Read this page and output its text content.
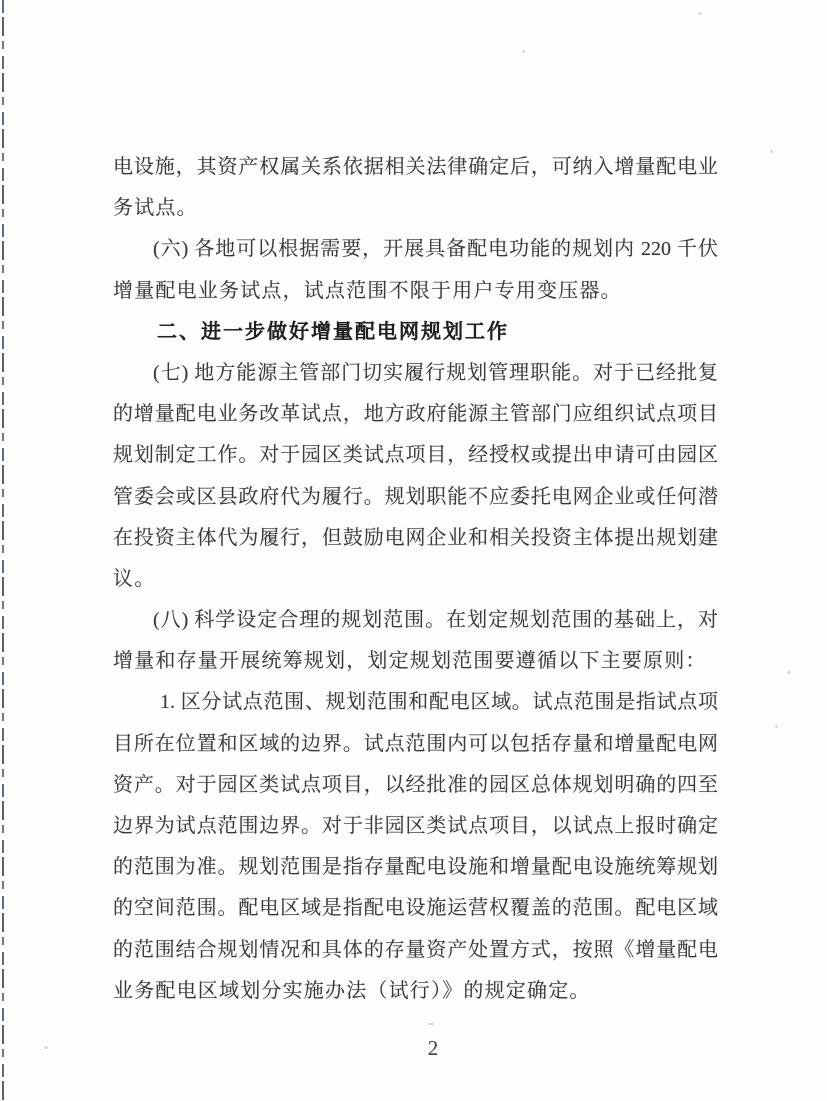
电设施，其资产权属关系依据相关法律确定后，可纳入增量配电业
务试点。
(六) 各地可以根据需要，开展具备配电功能的规划内 220 千伏
增量配电业务试点，试点范围不限于用户专用变压器。
二、进一步做好增量配电网规划工作
(七) 地方能源主管部门切实履行规划管理职能。对于已经批复
的增量配电业务改革试点，地方政府能源主管部门应组织试点项目
规划制定工作。对于园区类试点项目，经授权或提出申请可由园区
管委会或区县政府代为履行。规划职能不应委托电网企业或任何潜
在投资主体代为履行，但鼓励电网企业和相关投资主体提出规划建
议。
(八) 科学设定合理的规划范围。在划定规划范围的基础上，对
增量和存量开展统筹规划，划定规划范围要遵循以下主要原则：
1. 区分试点范围、规划范围和配电区域。试点范围是指试点项
目所在位置和区域的边界。试点范围内可以包括存量和增量配电网
资产。对于园区类试点项目，以经批准的园区总体规划明确的四至
边界为试点范围边界。对于非园区类试点项目，以试点上报时确定
的范围为准。规划范围是指存量配电设施和增量配电设施统筹规划
的空间范围。配电区域是指配电设施运营权覆盖的范围。配电区域
的范围结合规划情况和具体的存量资产处置方式，按照《增量配电
业务配电区域划分实施办法（试行）》的规定确定。
2
